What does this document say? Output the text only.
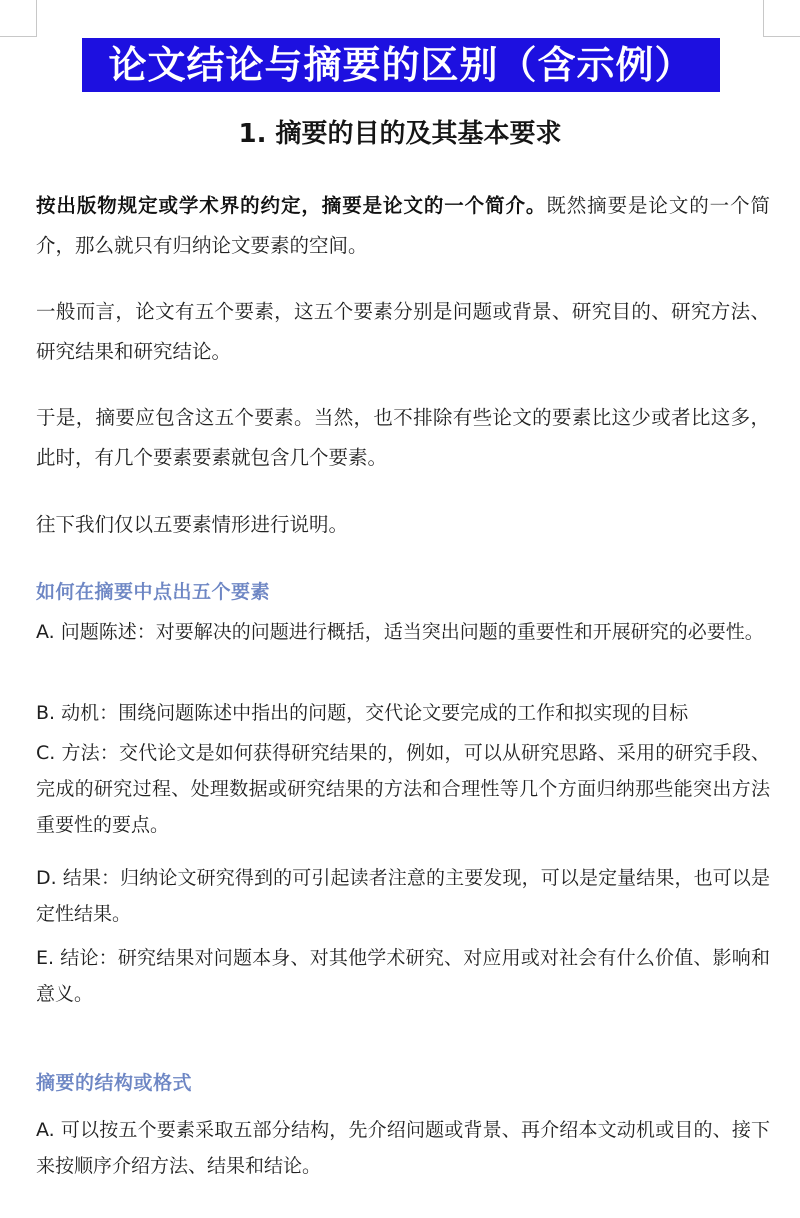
论文结论与摘要的区别（含示例）
1. 摘要的目的及其基本要求
按出版物规定或学术界的约定，摘要是论文的一个简介。既然摘要是论文的一个简介，那么就只有归纳论文要素的空间。
一般而言，论文有五个要素，这五个要素分别是问题或背景、研究目的、研究方法、研究结果和研究结论。
于是，摘要应包含这五个要素。当然，也不排除有些论文的要素比这少或者比这多，此时，有几个要素要素就包含几个要素。
往下我们仅以五要素情形进行说明。
如何在摘要中点出五个要素
A. 问题陈述：对要解决的问题进行概括，适当突出问题的重要性和开展研究的必要性。
B. 动机：围绕问题陈述中指出的问题，交代论文要完成的工作和拟实现的目标
C. 方法：交代论文是如何获得研究结果的，例如，可以从研究思路、采用的研究手段、完成的研究过程、处理数据或研究结果的方法和合理性等几个方面归纳那些能突出方法重要性的要点。
D. 结果：归纳论文研究得到的可引起读者注意的主要发现，可以是定量结果，也可以是定性结果。
E. 结论：研究结果对问题本身、对其他学术研究、对应用或对社会有什么价值、影响和意义。
摘要的结构或格式
A. 可以按五个要素采取五部分结构，先介绍问题或背景、再介绍本文动机或目的、接下来按顺序介绍方法、结果和结论。
